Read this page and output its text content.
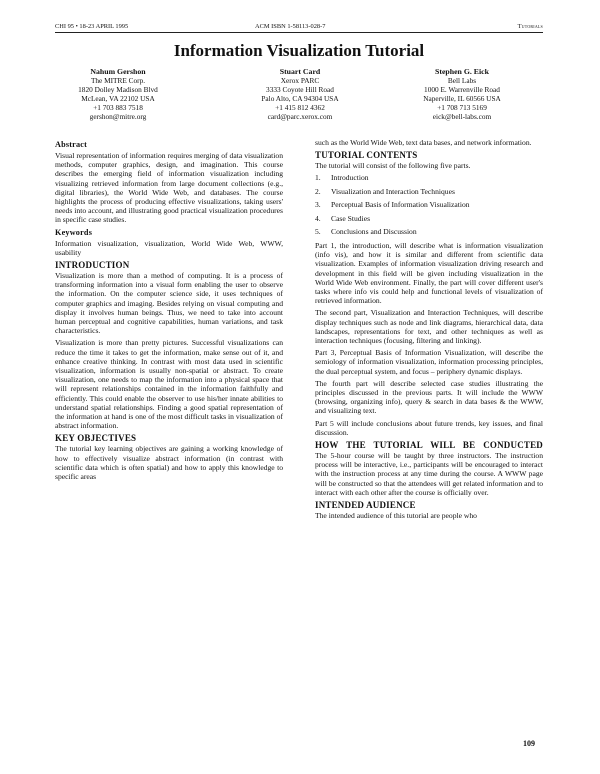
CHI 95 • 18-23 APRIL 1995	ACM ISBN 1-58113-028-7	Tutorials
Information Visualization Tutorial
Nahum Gershon
The MITRE Corp.
1820 Dolley Madison Blvd
McLean, VA 22102 USA
+1 703 883 7518
gershon@mitre.org
Stuart Card
Xerox PARC
3333 Coyote Hill Road
Palo Alto, CA 94304 USA
+1 415 812 4362
card@parc.xerox.com
Stephen G. Eick
Bell Labs
1000 E. Warrenville Road
Naperville, IL 60566 USA
+1 708 713 5169
eick@bell-labs.com
Abstract

Visual representation of information requires merging of data visualization methods, computer graphics, design, and imagination. This course describes the emerging field of information visualization including visualizing retrieved information from large document collections (e.g., digital libraries), the World Wide Web, and databases. The course highlights the process of producing effective visualizations, taking users' needs into account, and illustrating good practical visualization procedures in specific case studies.

Keywords

Information visualization, visualization, World Wide Web, WWW, usability

INTRODUCTION

Visualization is more than a method of computing. It is a process of transforming information into a visual form enabling the user to observe the information. On the computer science side, it uses techniques of computer graphics and imaging. Besides relying on visual computing and display it involves human beings. Thus, we need to take into account human perceptual and cognitive capabilities, human variations, and task characteristics.

Visualization is more than pretty pictures. Successful visualizations can reduce the time it takes to get the information, make sense out of it, and enhance creative thinking. In contrast with most data used in scientific visualization, information is usually non-spatial or abstract. To create visualization, one needs to map the information into a physical space that will represent relationships contained in the information faithfully and efficiently. This could enable the observer to use his/her innate abilities to understand spatial relationships. Finding a good spatial representation of the information at hand is one of the most difficult tasks in visualization of abstract information.

KEY OBJECTIVES

The tutorial key learning objectives are gaining a working knowledge of how to effectively visualize abstract information (in contrast with scientific data which is often spatial) and how to apply this knowledge to specific areas

such as the World Wide Web, text data bases, and network information.

TUTORIAL CONTENTS

The tutorial will consist of the following five parts.

1.	Introduction
2.	Visualization and Interaction Techniques
3.	Perceptual Basis of Information Visualization
4.	Case Studies
5.	Conclusions and Discussion

Part 1, the introduction, will describe what is information visualization (info vis), and how it is similar and different from scientific data visualization. Examples of information visualization driving research and development in this field will be given including visualization in the World Wide Web environment. Finally, the part will cover different user's tasks where info vis could help and functional levels of visualization of retrieved information.

The second part, Visualization and Interaction Techniques, will describe display techniques such as node and link diagrams, hierarchical data, data landscapes, representations for text, and other techniques as well as interaction techniques (focusing, filtering and linking).

Part 3, Perceptual Basis of Information Visualization, will describe the semiology of information visualization, information processing principles, the dual perceptual system, and focus – periphery dynamic displays.

The fourth part will describe selected case studies illustrating the principles discussed in the previous parts. It will include the WWW (browsing, organizing info), query & search in data bases & the WWW, and visualizing text.

Part 5 will include conclusions about future trends, key issues, and final discussion.

HOW THE TUTORIAL WILL BE CONDUCTED

The 5-hour course will be taught by three instructors. The instruction process will be interactive, i.e., participants will be encouraged to interact with the instruction process at any time during the course. A WWW page will be constructed so that the attendees will get related information and to interact with each other after the course is officially over.

INTENDED AUDIENCE

The intended audience of this tutorial are people who

109
